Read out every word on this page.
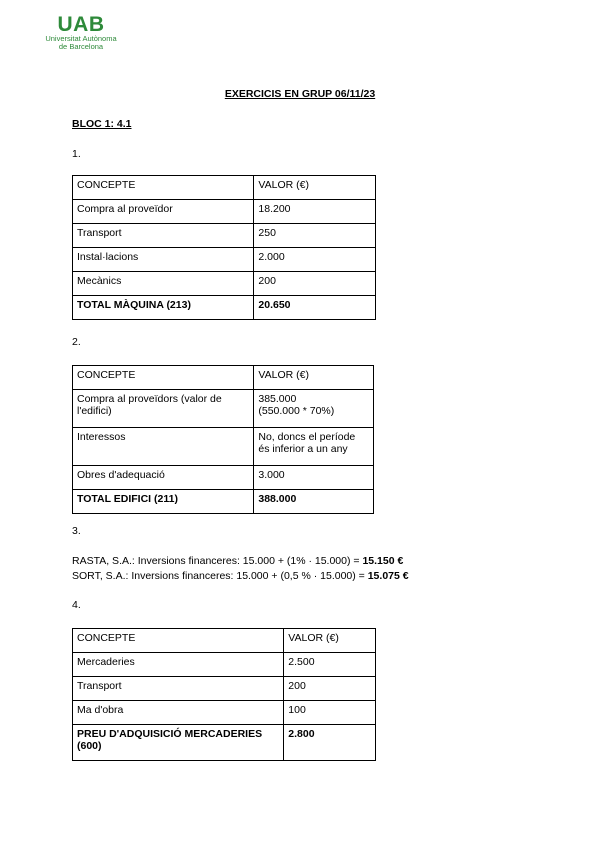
UAB
Universitat Autònoma
de Barcelona
EXERCICIS EN GRUP 06/11/23
BLOC 1: 4.1
1.
CONCEPTE	VALOR (€)
Compra al proveïdor	18.200
Transport	250
Instal·lacions	2.000
Mecànics	200
TOTAL MÀQUINA (213)	20.650
2.
CONCEPTE	VALOR (€)
Compra al proveïdors (valor de l'edifici)	385.000
(550.000 * 70%)

Interessos	No, doncs el període és inferior a un any
Obres d'adequació	3.000
TOTAL EDIFICI (211)	388.000
3.
RASTA, S.A.: Inversions financeres: 15.000 + (1% · 15.000) = 15.150 €
SORT, S.A.: Inversions financeres: 15.000 + (0,5 % · 15.000) = 15.075 €
4.
CONCEPTE	VALOR (€)
Mercaderies	2.500
Transport	200
Ma d'obra	100
PREU D'ADQUISICIÓ MERCADERIES (600)	2.800
